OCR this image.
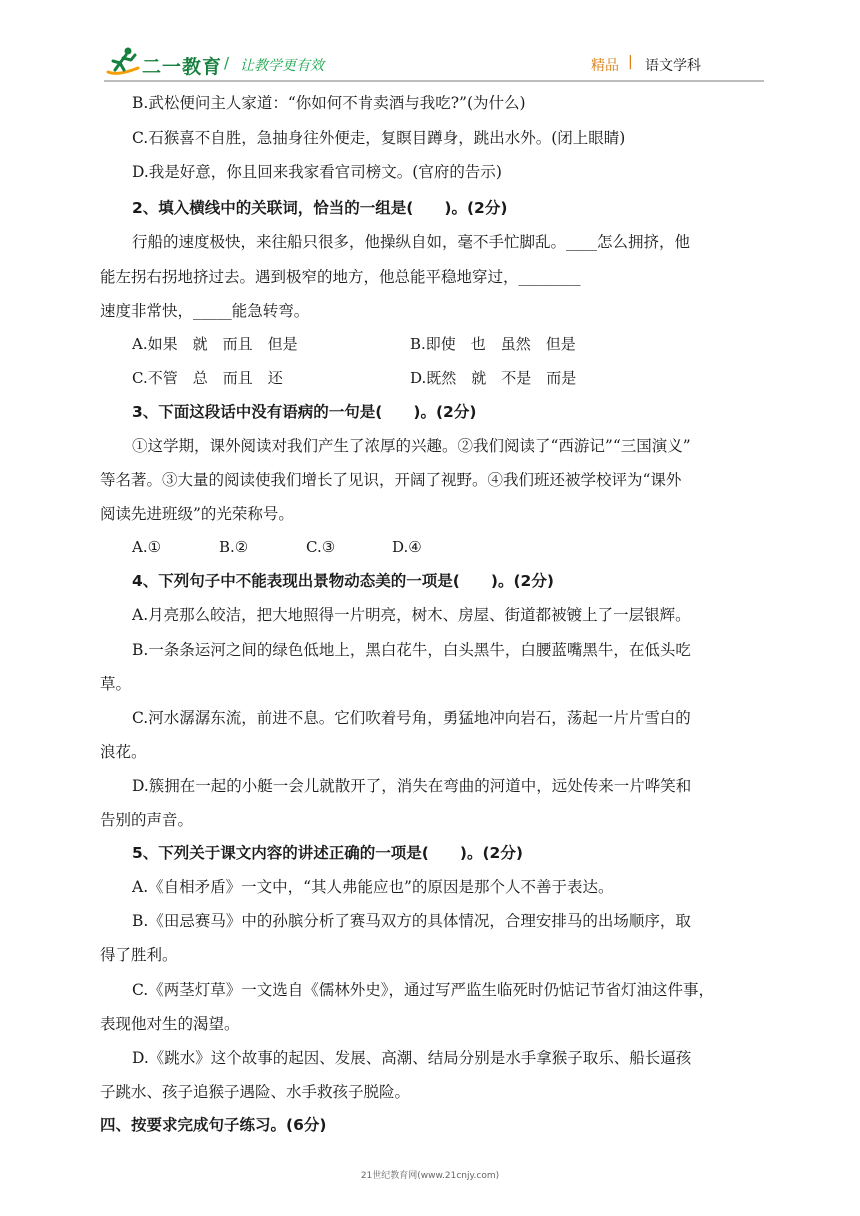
二一教育 / 让教学更有效	精品 | 语文学科
B.武松便问主人家道：“你如何不肯卖酒与我吃?”(为什么)
C.石猴喜不自胜，急抽身往外便走，复瞑目蹲身，跳出水外。(闭上眼睛)
D.我是好意，你且回来我家看官司榜文。(官府的告示)
2、填入横线中的关联词，恰当的一组是(　　)。(2分)
行船的速度极快，来往船只很多，他操纵自如，毫不手忙脚乱。____怎么拥挤，他
能左拐右拐地挤过去。遇到极窄的地方，他总能平稳地穿过，________
速度非常快，_____能急转弯。
A.如果　就　而且　但是	B.即使　也　虽然　但是
C.不管　总　而且　还	D.既然　就　不是　而是
3、下面这段话中没有语病的一句是(　　)。(2分)
①这学期，课外阅读对我们产生了浓厚的兴趣。②我们阅读了“西游记”“三国演义”
等名著。③大量的阅读使我们增长了见识，开阔了视野。④我们班还被学校评为“课外
阅读先进班级”的光荣称号。
A.①	B.②	C.③	D.④
4、下列句子中不能表现出景物动态美的一项是(　　)。(2分)
A.月亮那么皎洁，把大地照得一片明亮，树木、房屋、街道都被镀上了一层银辉。
B.一条条运河之间的绿色低地上，黑白花牛，白头黑牛，白腰蓝嘴黑牛，在低头吃
草。
C.河水潺潺东流，前进不息。它们吹着号角，勇猛地冲向岩石，荡起一片片雪白的
浪花。
D.簇拥在一起的小艇一会儿就散开了，消失在弯曲的河道中，远处传来一片哗笑和
告别的声音。
5、下列关于课文内容的讲述正确的一项是(　　)。(2分)
A.《自相矛盾》一文中，“其人弗能应也”的原因是那个人不善于表达。
B.《田忌赛马》中的孙膑分析了赛马双方的具体情况，合理安排马的出场顺序，取
得了胜利。
C.《两茎灯草》一文选自《儒林外史》，通过写严监生临死时仍惦记节省灯油这件事，
表现他对生的渴望。
D.《跳水》这个故事的起因、发展、高潮、结局分别是水手拿猴子取乐、船长逼孩
子跳水、孩子追猴子遇险、水手救孩子脱险。
四、按要求完成句子练习。(6分)
21世纪教育网(www.21cnjy.com)
